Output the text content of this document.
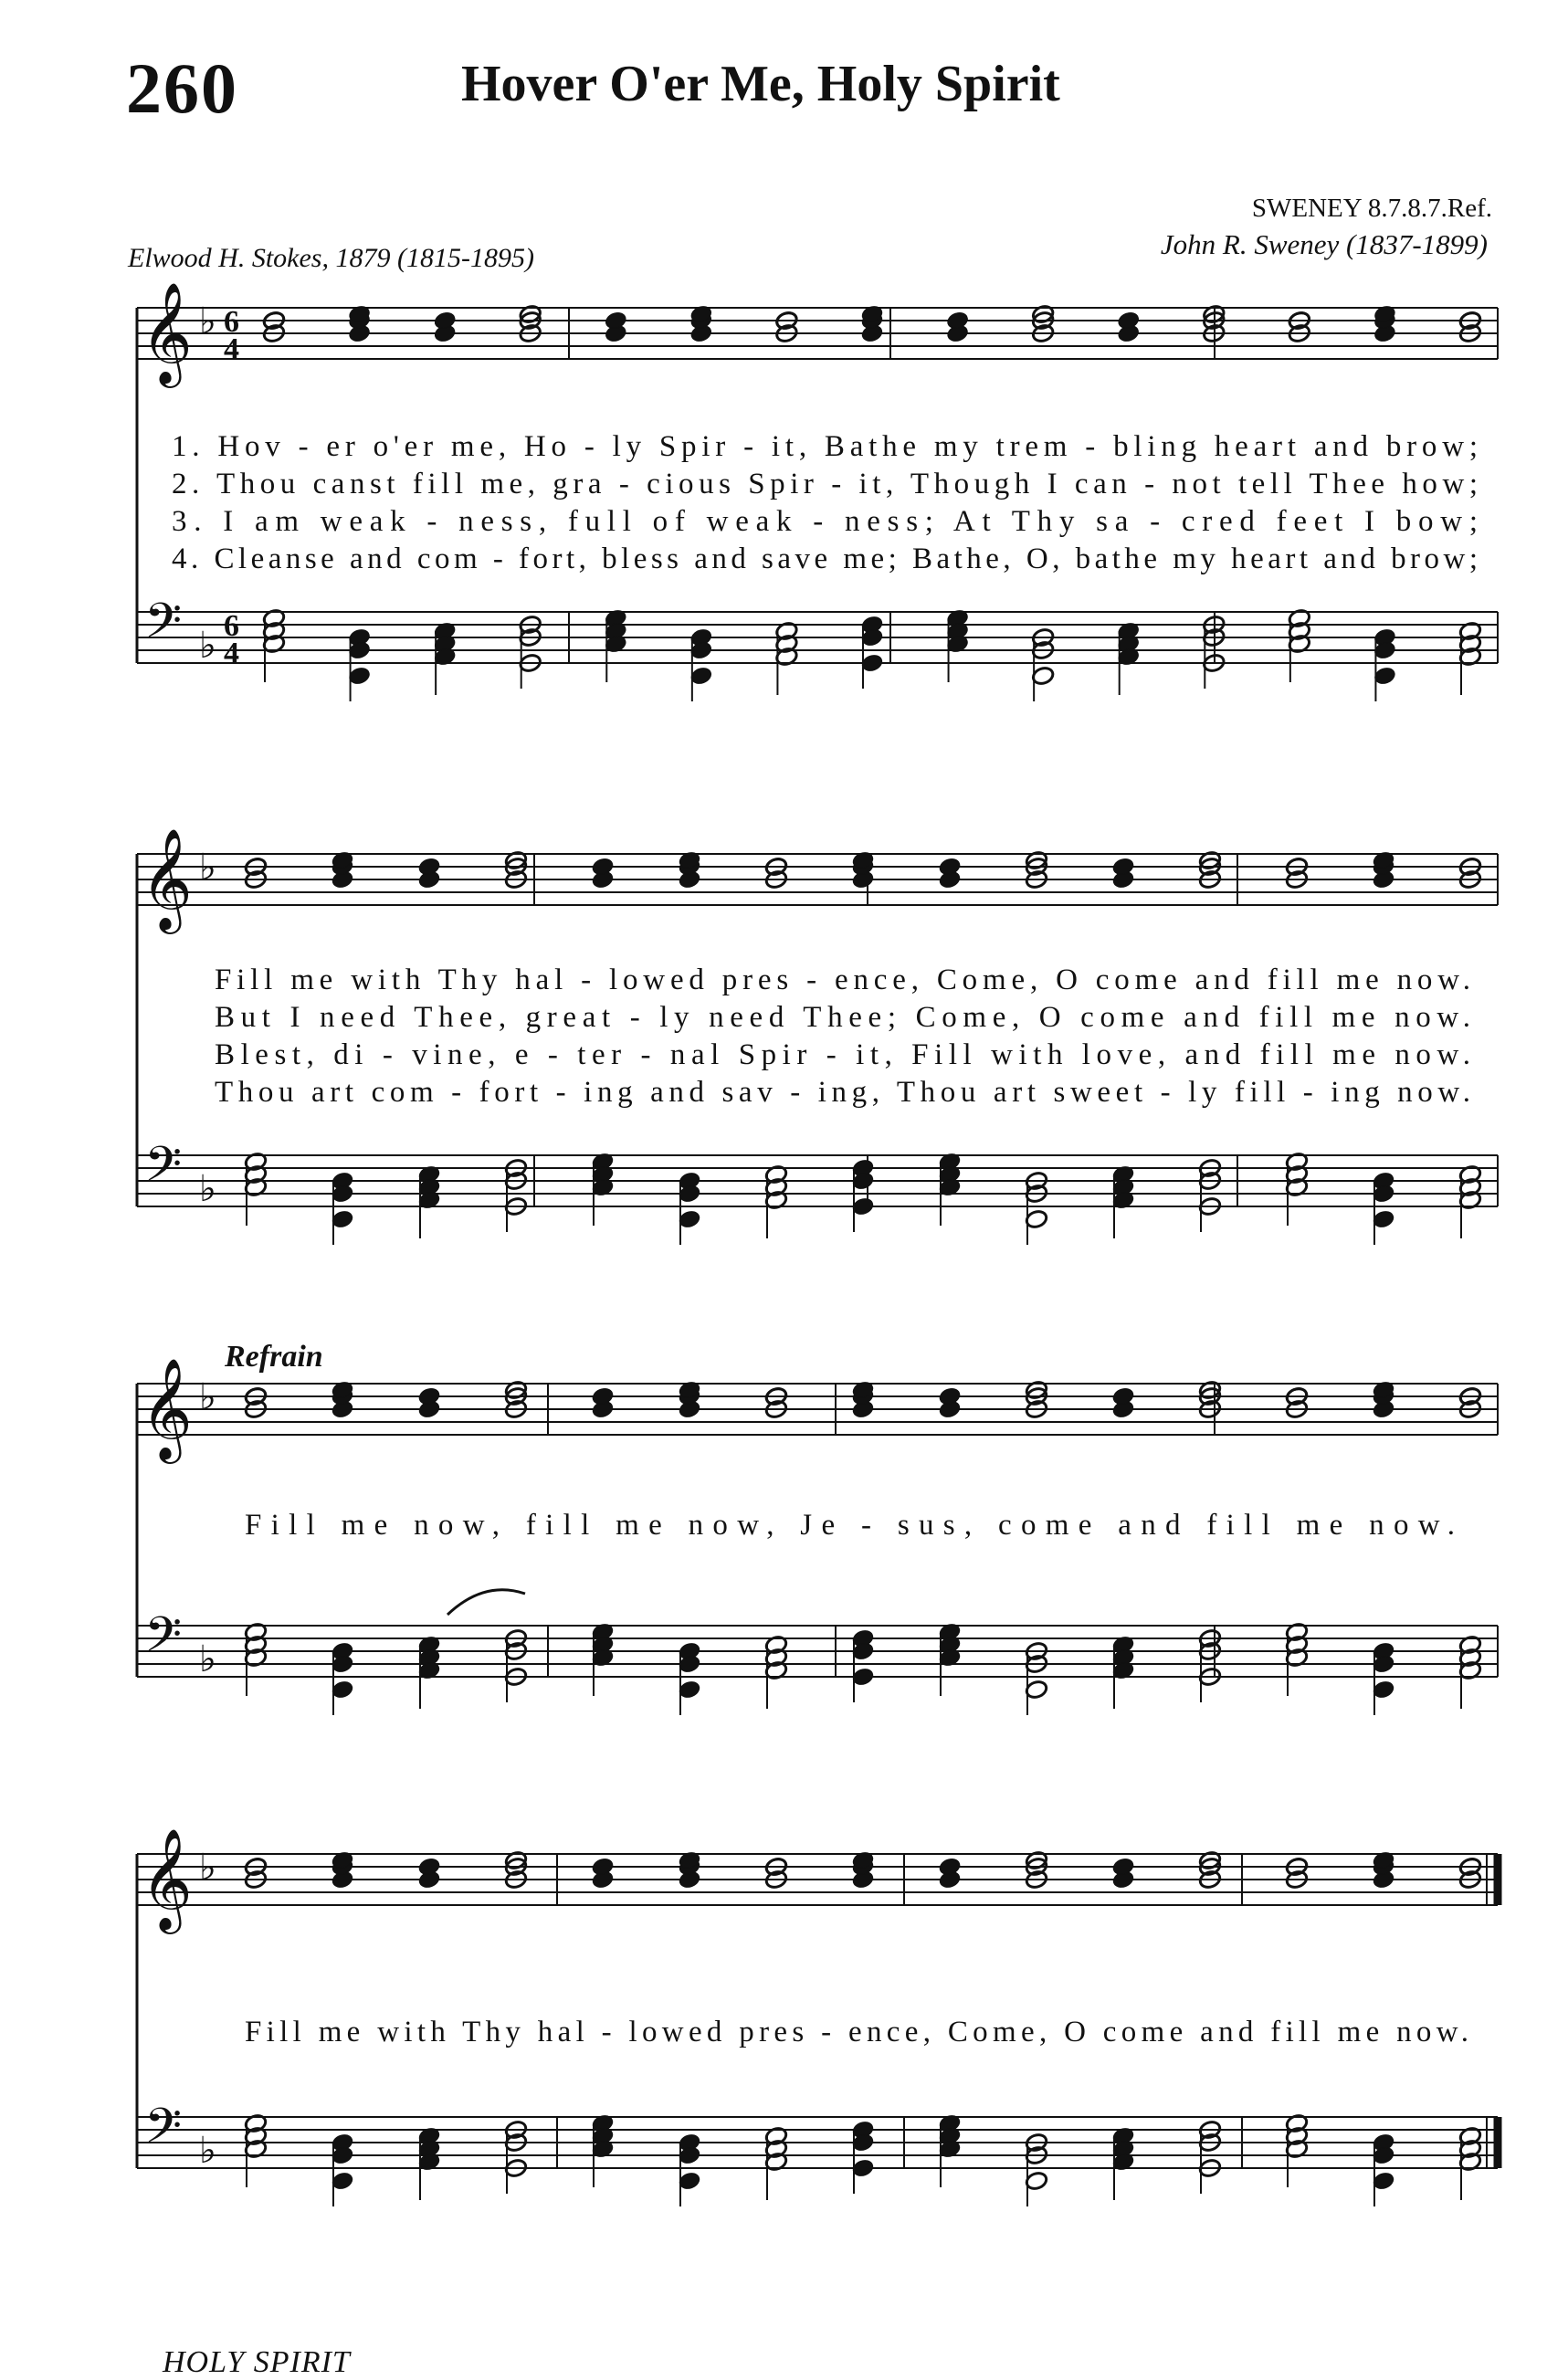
260	Hover O'er Me, Holy Spirit
SWENEY 8.7.8.7.Ref.
Elwood H. Stokes, 1879 (1815-1895)	John R. Sweney (1837-1899)
𝄞
𝄢
♭
♭
6
4
6
4
1. Hov - er o'er me, Ho - ly Spir - it, Bathe my trem - bling heart and brow;
2. Thou canst fill me, gra - cious Spir - it, Though I can - not tell Thee how;
3. I am weak - ness, full of weak - ness; At Thy sa - cred feet I bow;
4. Cleanse and com - fort, bless and save me; Bathe, O, bathe my heart and brow;
𝄞
𝄢
♭
♭
Fill me with Thy hal - lowed pres - ence, Come, O come and fill me now.
But I need Thee, great - ly need Thee; Come, O come and fill me now.
Blest, di - vine, e - ter - nal Spir - it, Fill with love, and fill me now.
Thou art com - fort - ing and sav - ing, Thou art sweet - ly fill - ing now.
𝄞
𝄢
♭
♭
Fill me now, fill me now, Je - sus, come and fill me now.
𝄞
𝄢
♭
♭
Fill me with Thy hal - lowed pres - ence, Come, O come and fill me now.
Refrain
HOLY SPIRIT
